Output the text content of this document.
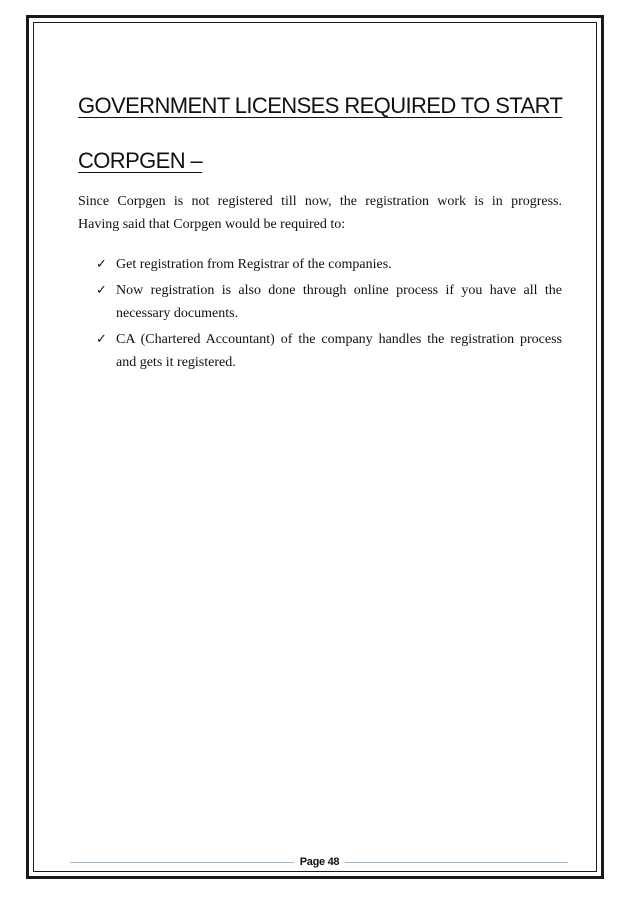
GOVERNMENT LICENSES REQUIRED TO START
CORPGEN –
Since Corpgen is not registered till now, the registration work is in progress.
Having said that Corpgen would be required to:
✓ Get registration from Registrar of the companies.
✓ Now registration is also done through online process if you have all the necessary documents.
✓ CA (Chartered Accountant) of the company handles the registration process and gets it registered.
Page 48
